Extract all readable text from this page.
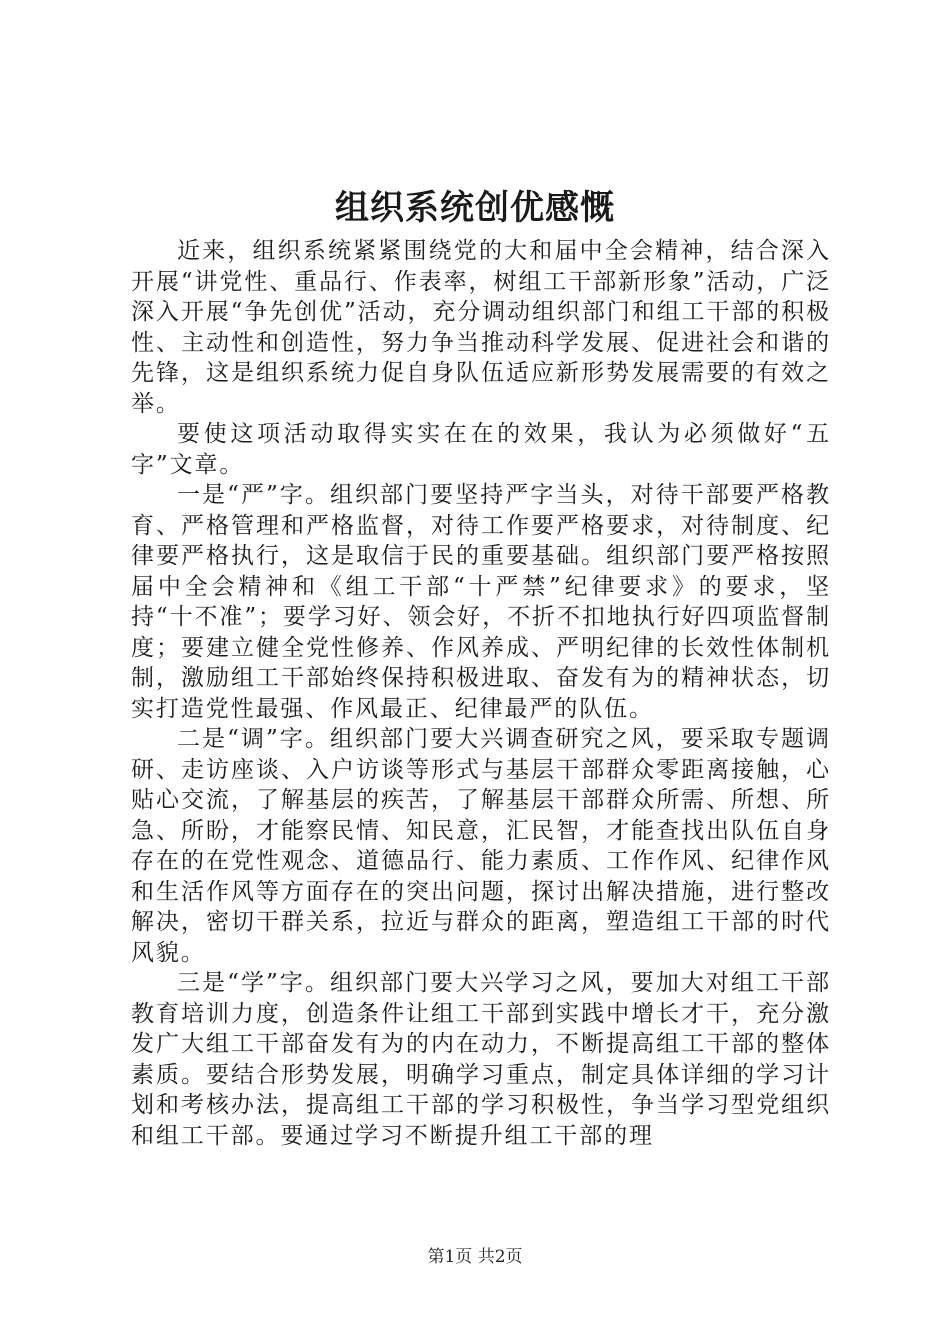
组织系统创优感慨

近来，组织系统紧紧围绕党的大和届中全会精神，结合深入开展“讲党性、重品行、作表率，树组工干部新形象”活动，广泛深入开展“争先创优”活动，充分调动组织部门和组工干部的积极性、主动性和创造性，努力争当推动科学发展、促进社会和谐的先锋，这是组织系统力促自身队伍适应新形势发展需要的有效之举。

要使这项活动取得实实在在的效果，我认为必须做好“五字”文章。

一是“严”字。组织部门要坚持严字当头，对待干部要严格教育、严格管理和严格监督，对待工作要严格要求，对待制度、纪律要严格执行，这是取信于民的重要基础。组织部门要严格按照届中全会精神和《组工干部“十严禁”纪律要求》的要求，坚持“十不准”；要学习好、领会好，不折不扣地执行好四项监督制度；要建立健全党性修养、作风养成、严明纪律的长效性体制机制，激励组工干部始终保持积极进取、奋发有为的精神状态，切实打造党性最强、作风最正、纪律最严的队伍。

二是“调”字。组织部门要大兴调查研究之风，要采取专题调研、走访座谈、入户访谈等形式与基层干部群众零距离接触，心贴心交流，了解基层的疾苦，了解基层干部群众所需、所想、所急、所盼，才能察民情、知民意，汇民智，才能查找出队伍自身存在的在党性观念、道德品行、能力素质、工作作风、纪律作风和生活作风等方面存在的突出问题，探讨出解决措施，进行整改解决，密切干群关系，拉近与群众的距离，塑造组工干部的时代风貌。

三是“学”字。组织部门要大兴学习之风，要加大对组工干部教育培训力度，创造条件让组工干部到实践中增长才干，充分激发广大组工干部奋发有为的内在动力，不断提高组工干部的整体素质。要结合形势发展，明确学习重点，制定具体详细的学习计划和考核办法，提高组工干部的学习积极性，争当学习型党组织和组工干部。要通过学习不断提升组工干部的理

第1页 共2页
